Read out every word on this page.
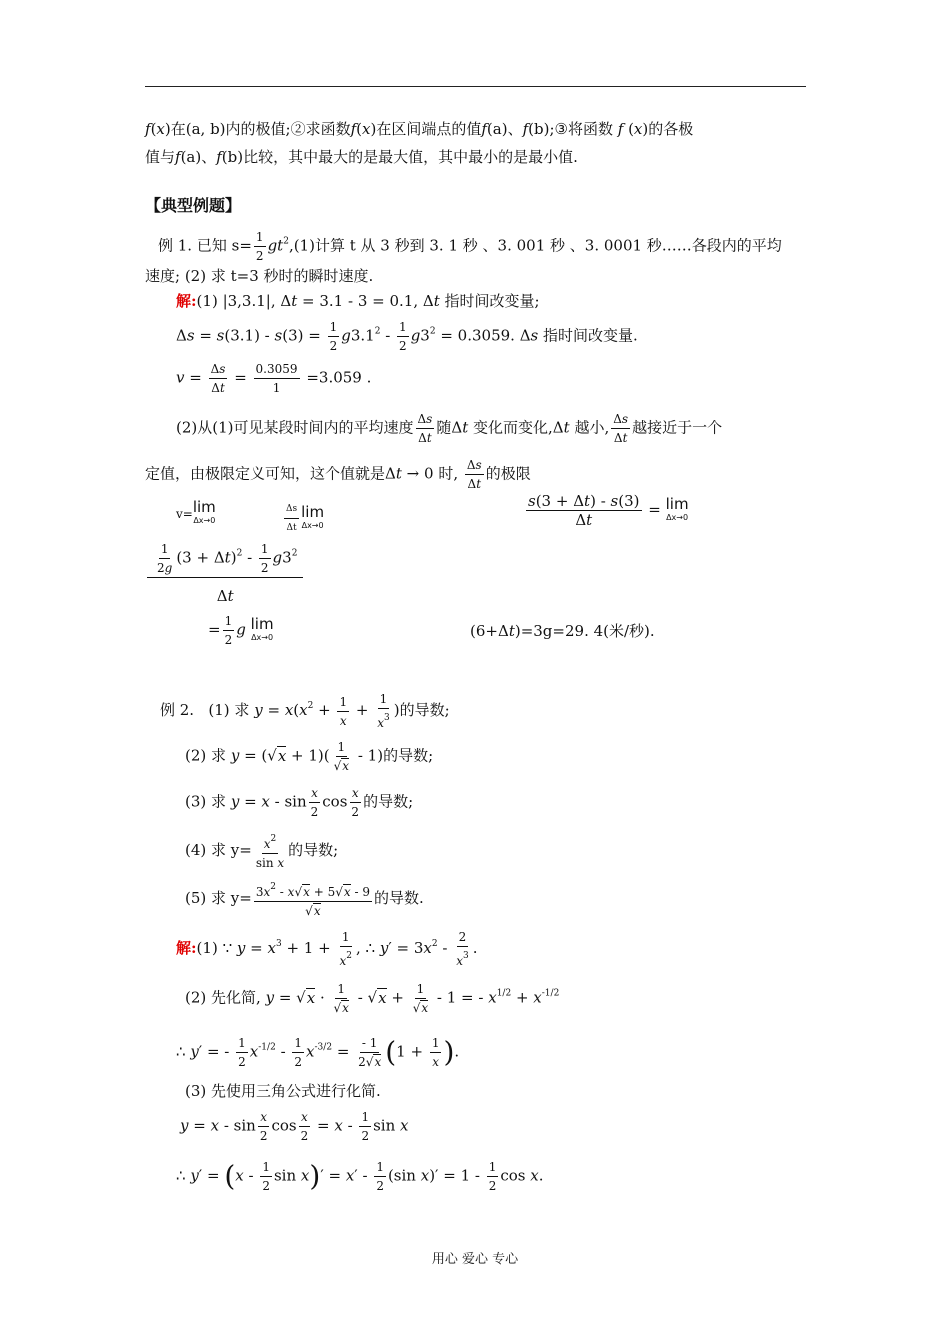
f(x)在(a, b)内的极值;②求函数f(x)在区间端点的值f(a)、f(b);③将函数 f (x)的各极
值与f(a)、f(b)比较，其中最大的是最大值，其中最小的是最小值.
【典型例题】
例 1. 已知 $s= \frac{1}{2} gt^2,(1)$计算 t 从 3 秒到 3. 1 秒 、3. 001 秒 、3. 0001 秒……各段内的平均
速度; (2) 求 t=3 秒时的瞬时速度.
解:(1) |3,3.1|, Δt = 3.1 - 3 = 0.1, Δt 指时间改变量;
$\Delta s = s(3.1) - s(3) = \frac{1}{2} g3.1^2 - \frac{1}{2} g3^2 = 0.3059$. Δs 指时间改变量.
$v = \frac{\Delta s}{\Delta t} = \frac{0.3059}{1} =3.059$ .
(2)从(1)可见某段时间内的平均速度 $\frac{\Delta s}{\Delta t}$ 随Δt 变化而变化,Δt 越小, $\frac{\Delta s}{\Delta t}$ 越接近于一个
定值，由极限定义可知，这个值就是Δt → 0 时, $\frac{\Delta s}{\Delta t}$ 的极限
v= lim
Δx→0	$\frac{\Delta s}{\Delta t}$ lim
Δx→0	$\frac{s(3 + \Delta t) - s(3)}{\Delta t} = \lim$
Δx→0
$\frac{\frac{1}{2g} (3 + \Delta t)^2 - \frac{1}{2} g3^2}{\Delta t}$
= $\frac{1}{2}$ g lim
Δx→0	(6+Δt)=3g=29. 4(米/秒).
例 2. (1) 求 $y = x(x^2 + \frac{1}{x} + \frac{1}{x^3}$ )的导数;
(2) 求 $y = (√x + 1)( \frac{1}{√x} - 1)$的导数;
(3) 求 $y = x - \sin \frac{x}{2}$ $\cos \frac{x}{2}$ 的导数;
(4) 求 $y= \frac{x^2}{\text{sin x}}$ 的导数;
(5) 求 $y= \frac{3x^2 - x√x + 5√x - 9}{√x}$ 的导数.
解:(1) ∵ $y = x^3 + 1 + \frac{1}{x^2}$ , ∴ $y' = 3x^2 - \frac{2}{x^3}$ .
(2) 先化简, $y = √x \cdot \frac{1}{√x} - √x + \frac{1}{√x} - 1$ = - $x^{1/2} + x^{-1/2}$
∴ y′ = - $\frac{1}{2} x^{-1/2} - \frac{1}{2} x^{-3/2} = \frac{- 1}{2√x} (1 + \frac{1}{x}$ ).
(3) 先使用三角公式进行化简.
$y = x - \sin \frac{x}{2}$ $\cos \frac{x}{2} = x - \frac{1}{2}$ sin x
∴ $y' = (x - \frac{1}{2}$ $\sin x)' = x' - \frac{1}{2} (\sin$ $x)' = 1 - \frac{1}{2}$ cos x.
用心 爱心 专心
